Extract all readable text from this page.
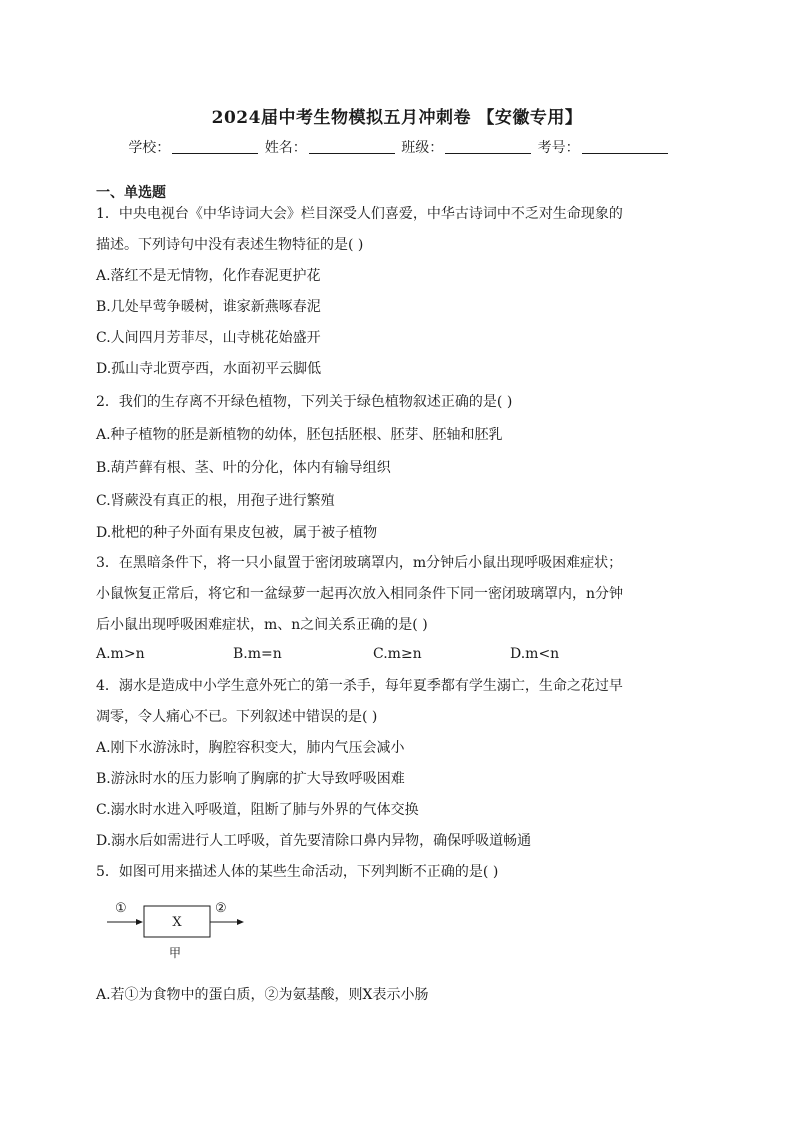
2024届中考生物模拟五月冲刺卷 【安徽专用】
学校：	姓名：	班级：	考号：
一、单选题
1．中央电视台《中华诗词大会》栏目深受人们喜爱，中华古诗词中不乏对生命现象的
描述。下列诗句中没有表述生物特征的是( )
A.落红不是无情物，化作春泥更护花
B.几处早莺争暖树，谁家新燕啄春泥
C.人间四月芳菲尽，山寺桃花始盛开
D.孤山寺北贾亭西，水面初平云脚低
2．我们的生存离不开绿色植物，下列关于绿色植物叙述正确的是( )
A.种子植物的胚是新植物的幼体，胚包括胚根、胚芽、胚轴和胚乳
B.葫芦藓有根、茎、叶的分化，体内有输导组织
C.肾蕨没有真正的根，用孢子进行繁殖
D.枇杷的种子外面有果皮包被，属于被子植物
3．在黑暗条件下，将一只小鼠置于密闭玻璃罩内，m分钟后小鼠出现呼吸困难症状；
小鼠恢复正常后，将它和一盆绿萝一起再次放入相同条件下同一密闭玻璃罩内，n分钟
后小鼠出现呼吸困难症状，m、n之间关系正确的是( )
A.m>n	B.m=n	C.m≥n	D.m<n
4．溺水是造成中小学生意外死亡的第一杀手，每年夏季都有学生溺亡，生命之花过早
凋零，令人痛心不已。下列叙述中错误的是( )
A.刚下水游泳时，胸腔容积变大，肺内气压会减小
B.游泳时水的压力影响了胸廓的扩大导致呼吸困难
C.溺水时水进入呼吸道，阻断了肺与外界的气体交换
D.溺水后如需进行人工呼吸，首先要清除口鼻内异物，确保呼吸道畅通
5．如图可用来描述人体的某些生命活动，下列判断不正确的是( )
①
X
②
甲
A.若①为食物中的蛋白质，②为氨基酸，则X表示小肠
